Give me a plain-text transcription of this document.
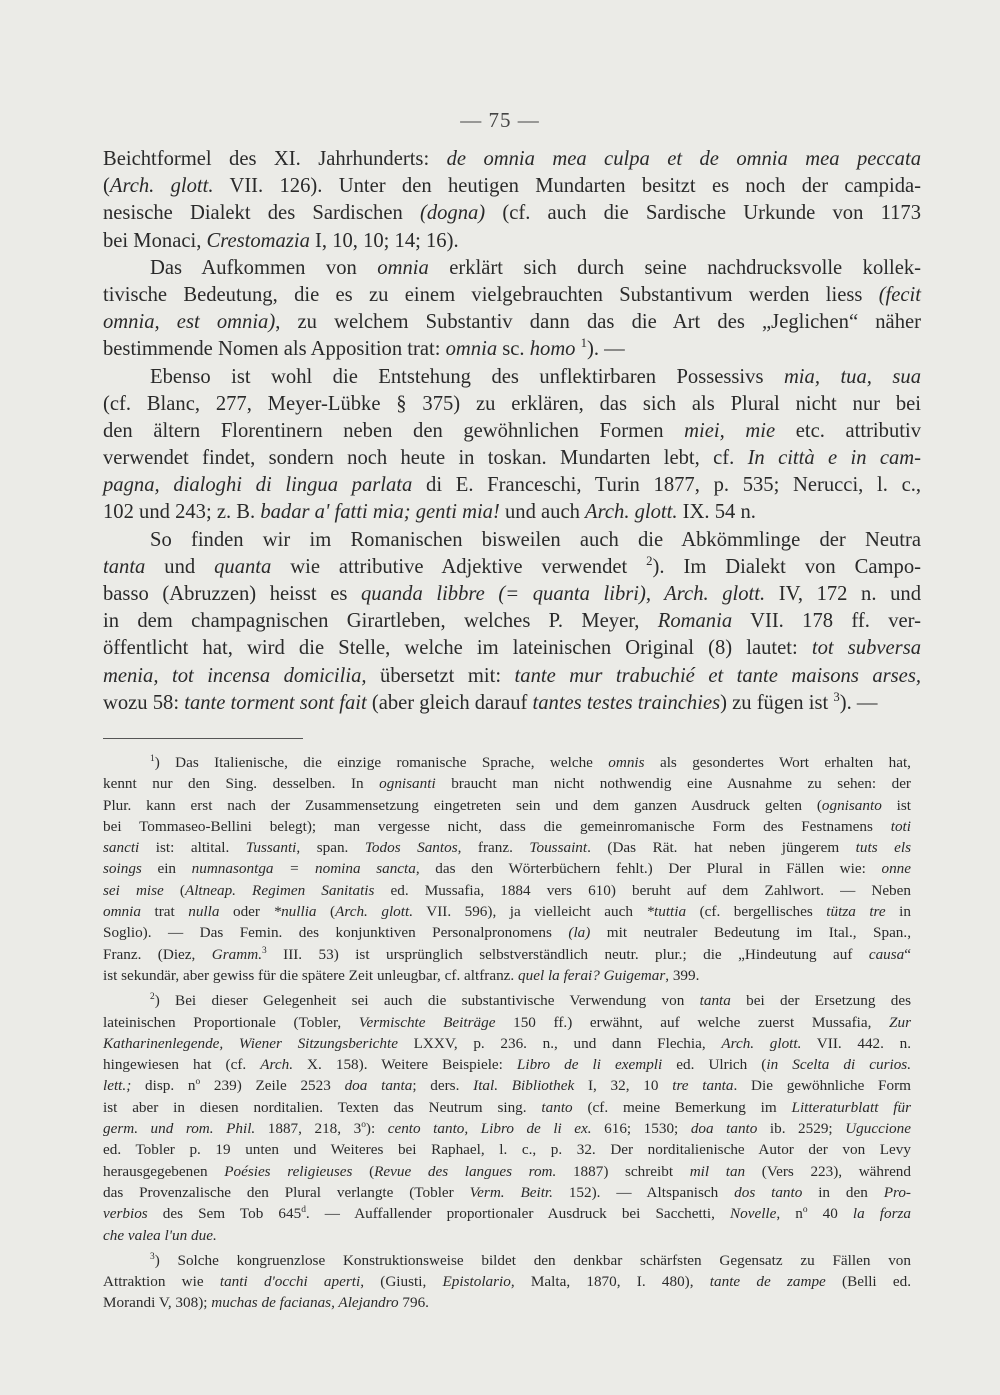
— 75 —
Beichtformel des XI. Jahrhunderts: de omnia mea culpa et de omnia mea peccata
(Arch. glott. VII. 126). Unter den heutigen Mundarten besitzt es noch der campida-
nesische Dialekt des Sardischen (dogna) (cf. auch die Sardische Urkunde von 1173
bei Monaci, Crestomazia I, 10, 10; 14; 16).
Das Aufkommen von omnia erklärt sich durch seine nachdrucksvolle kollek-
tivische Bedeutung, die es zu einem vielgebrauchten Substantivum werden liess (fecit
omnia, est omnia), zu welchem Substantiv dann das die Art des „Jeglichen“ näher
bestimmende Nomen als Apposition trat: omnia sc. homo $^1$). —
Ebenso ist wohl die Entstehung des unflektirbaren Possessivs mia, tua, sua
(cf. Blanc, 277, Meyer-Lübke § 375) zu erklären, das sich als Plural nicht nur bei
den ältern Florentinern neben den gewöhnlichen Formen miei, mie etc. attributiv
verwendet findet, sondern noch heute in toskan. Mundarten lebt, cf. In città e in cam-
pagna, dialoghi di lingua parlata di E. Franceschi, Turin 1877, p. 535; Nerucci, l. c.,
102 und 243; z. B. badar a' fatti mia; genti mia! und auch Arch. glott. IX. 54 n.
So finden wir im Romanischen bisweilen auch die Abkömmlinge der Neutra
tanta und quanta wie attributive Adjektive verwendet $^2$). Im Dialekt von Campo-
basso (Abruzzen) heisst es quanda libbre (= quanta libri), Arch. glott. IV, 172 n. und
in dem champagnischen Girartleben, welches P. Meyer, Romania VII. 178 ff. ver-
öffentlicht hat, wird die Stelle, welche im lateinischen Original (8) lautet: tot subversa
menia, tot incensa domicilia, übersetzt mit: tante mur trabuchié et tante maisons arses,
wozu 58: tante torment sont fait (aber gleich darauf tantes testes trainchies) zu fügen ist $^3$). —
$^1$) Das Italienische, die einzige romanische Sprache, welche omnis als gesondertes Wort erhalten hat,
kennt nur den Sing. desselben. In ognisanti braucht man nicht nothwendig eine Ausnahme zu sehen: der
Plur. kann erst nach der Zusammensetzung eingetreten sein und dem ganzen Ausdruck gelten (ognisanto ist
bei Tommaseo-Bellini belegt); man vergesse nicht, dass die gemeinromanische Form des Festnamens toti
sancti ist: altital. Tussanti, span. Todos Santos, franz. Toussaint. (Das Rät. hat neben jüngerem tuts els
soings ein numnasontga = nomina sancta, das den Wörterbüchern fehlt.) Der Plural in Fällen wie: onne
sei mise (Altneap. Regimen Sanitatis ed. Mussafia, 1884 vers 610) beruht auf dem Zahlwort. — Neben
omnia trat nulla oder *nullia (Arch. glott. VII. 596), ja vielleicht auch *tuttia (cf. bergellisches tütza tre in
Soglio). — Das Femin. des konjunktiven Personalpronomens (la) mit neutraler Bedeutung im Ital., Span.,
Franz. (Diez, Gramm.$^3$ III. 53) ist ursprünglich selbstverständlich neutr. plur.; die „Hindeutung auf causa“
ist sekundär, aber gewiss für die spätere Zeit unleugbar, cf. altfranz. quel la ferai? Guigemar, 399.
$^2$) Bei dieser Gelegenheit sei auch die substantivische Verwendung von tanta bei der Ersetzung des
lateinischen Proportionale (Tobler, Vermischte Beiträge 150 ff.) erwähnt, auf welche zuerst Mussafia, Zur
Katharinenlegende, Wiener Sitzungsberichte LXXV, p. 236. n., und dann Flechia, Arch. glott. VII. 442. n.
hingewiesen hat (cf. Arch. X. 158). Weitere Beispiele: Libro de li exempli ed. Ulrich (in Scelta di curios.
lett.; disp. $n^o$ 239) Zeile 2523 doa tanta; ders. Ital. Bibliothek I, 32, 10 tre tanta. Die gewöhnliche Form
ist aber in diesen norditalien. Texten das Neutrum sing. tanto (cf. meine Bemerkung im Litteraturblatt für
germ. und rom. Phil. 1887, 218, 3$^o$): cento tanto, Libro de li ex. 616; 1530; doa tanto ib. 2529; Uguccione
ed. Tobler p. 19 unten und Weiteres bei Raphael, l. c., p. 32. Der norditalienische Autor der von Levy
herausgegebenen Poésies religieuses (Revue des langues rom. 1887) schreibt mil tan (Vers 223), während
das Provenzalische den Plural verlangte (Tobler Verm. Beitr. 152). — Altspanisch dos tanto in den Pro-
verbios des Sem Tob 645$^d$. — Auffallender proportionaler Ausdruck bei Sacchetti, Novelle, $n^o$ 40 la forza
che valea l'un due.
$^3$) Solche kongruenzlose Konstruktionsweise bildet den denkbar schärfsten Gegensatz zu Fällen von
Attraktion wie tanti d'occhi aperti, (Giusti, Epistolario, Malta, 1870, I. 480), tante de zampe (Belli ed.
Morandi V, 308); muchas de facianas, Alejandro 796.
